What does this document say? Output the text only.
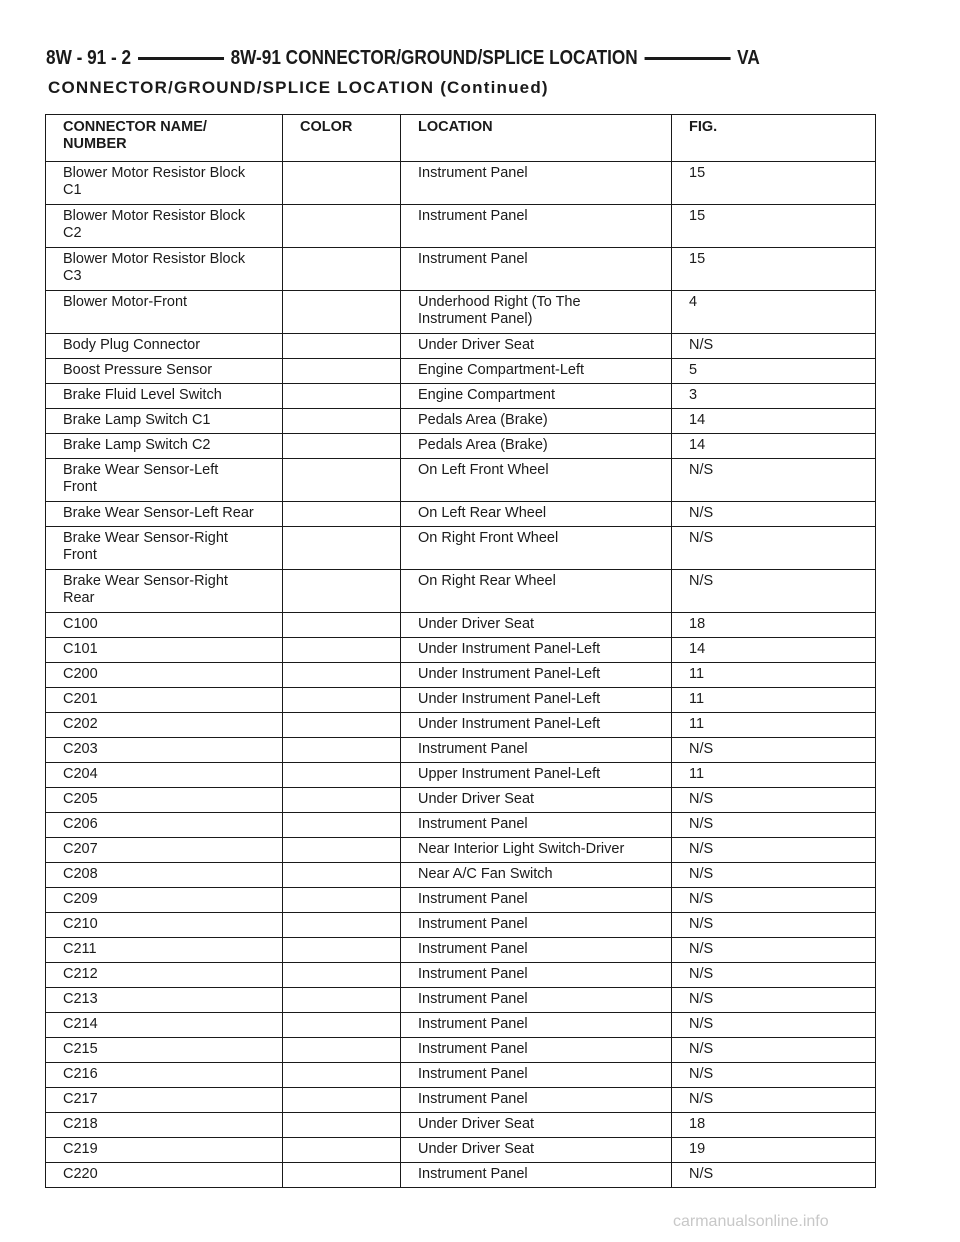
8W - 91 - 2	8W-91 CONNECTOR/GROUND/SPLICE LOCATION	VA
CONNECTOR/GROUND/SPLICE LOCATION (Continued)
CONNECTOR NAME/
NUMBER	COLOR	LOCATION	FIG.
Blower Motor Resistor Block
C1		Instrument Panel	15
Blower Motor Resistor Block
C2		Instrument Panel	15
Blower Motor Resistor Block
C3		Instrument Panel	15
Blower Motor-Front		Underhood Right (To The
Instrument Panel)	4
Body Plug Connector		Under Driver Seat	N/S
Boost Pressure Sensor		Engine Compartment-Left	5
Brake Fluid Level Switch		Engine Compartment	3
Brake Lamp Switch C1		Pedals Area (Brake)	14
Brake Lamp Switch C2		Pedals Area (Brake)	14
Brake Wear Sensor-Left
Front		On Left Front Wheel	N/S
Brake Wear Sensor-Left Rear		On Left Rear Wheel	N/S
Brake Wear Sensor-Right
Front		On Right Front Wheel	N/S
Brake Wear Sensor-Right
Rear		On Right Rear Wheel	N/S
C100		Under Driver Seat	18
C101		Under Instrument Panel-Left	14
C200		Under Instrument Panel-Left	11
C201		Under Instrument Panel-Left	11
C202		Under Instrument Panel-Left	11
C203		Instrument Panel	N/S
C204		Upper Instrument Panel-Left	11
C205		Under Driver Seat	N/S
C206		Instrument Panel	N/S
C207		Near Interior Light Switch-Driver	N/S
C208		Near A/C Fan Switch	N/S
C209		Instrument Panel	N/S
C210		Instrument Panel	N/S
C211		Instrument Panel	N/S
C212		Instrument Panel	N/S
C213		Instrument Panel	N/S
C214		Instrument Panel	N/S
C215		Instrument Panel	N/S
C216		Instrument Panel	N/S
C217		Instrument Panel	N/S
C218		Under Driver Seat	18
C219		Under Driver Seat	19
C220		Instrument Panel	N/S
carmanualsonline.info
